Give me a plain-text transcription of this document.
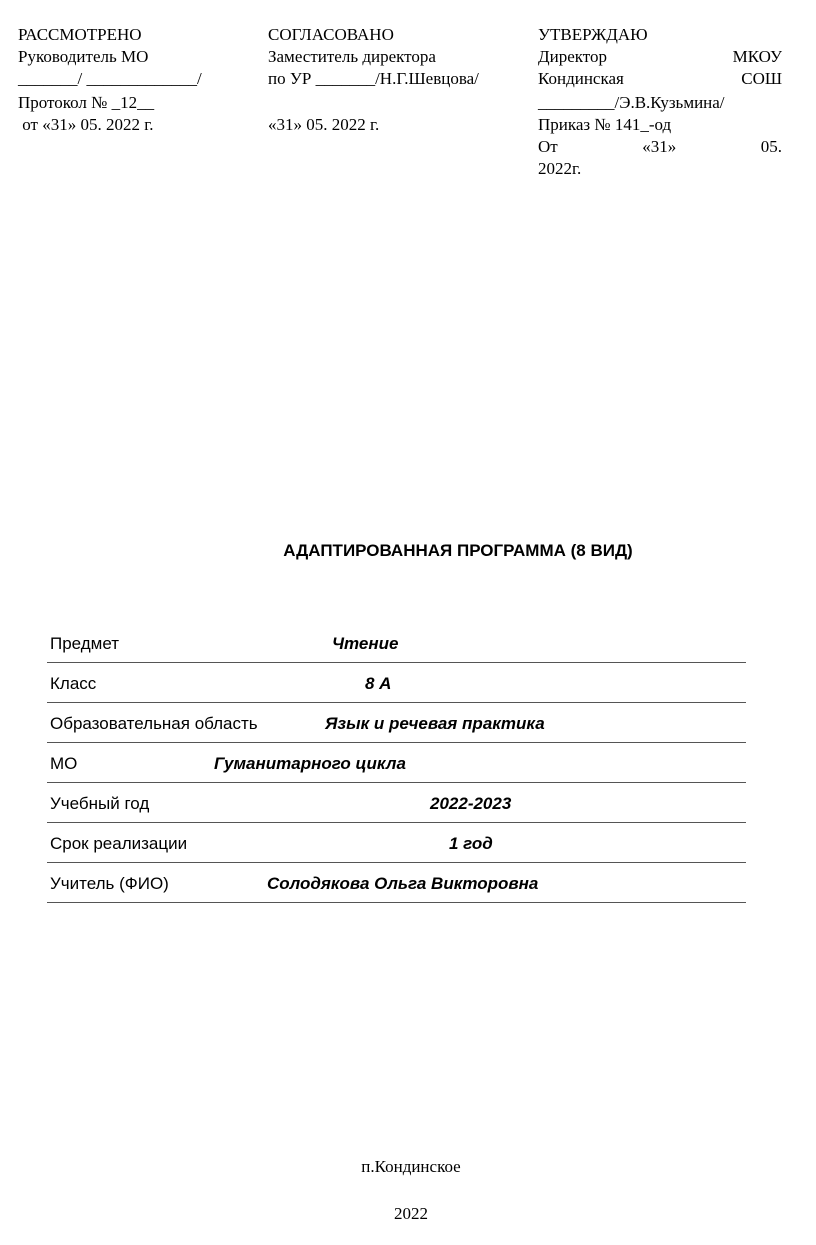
РАССМОТРЕНО
Руководитель МО
_______/ _____________/
Протокол № _12__
от «31» 05. 2022 г.
СОГЛАСОВАНО
Заместитель директора
по УР _______/Н.Г.Шевцова/
«31» 05. 2022 г.
УТВЕРЖДАЮ
Директор	МКОУ
Кондинская	СОШ
_________/Э.В.Кузьмина/
Приказ № 141_-од
От	«31»	05.
2022г.
АДАПТИРОВАННАЯ ПРОГРАММА (8 ВИД)
Предмет	Чтение
Класс	8 А
Образовательная область	Язык и речевая практика
МО	Гуманитарного цикла
Учебный год	2022-2023
Срок реализации	1 год
Учитель (ФИО)	Солодякова Ольга Викторовна
п.Кондинское
2022
